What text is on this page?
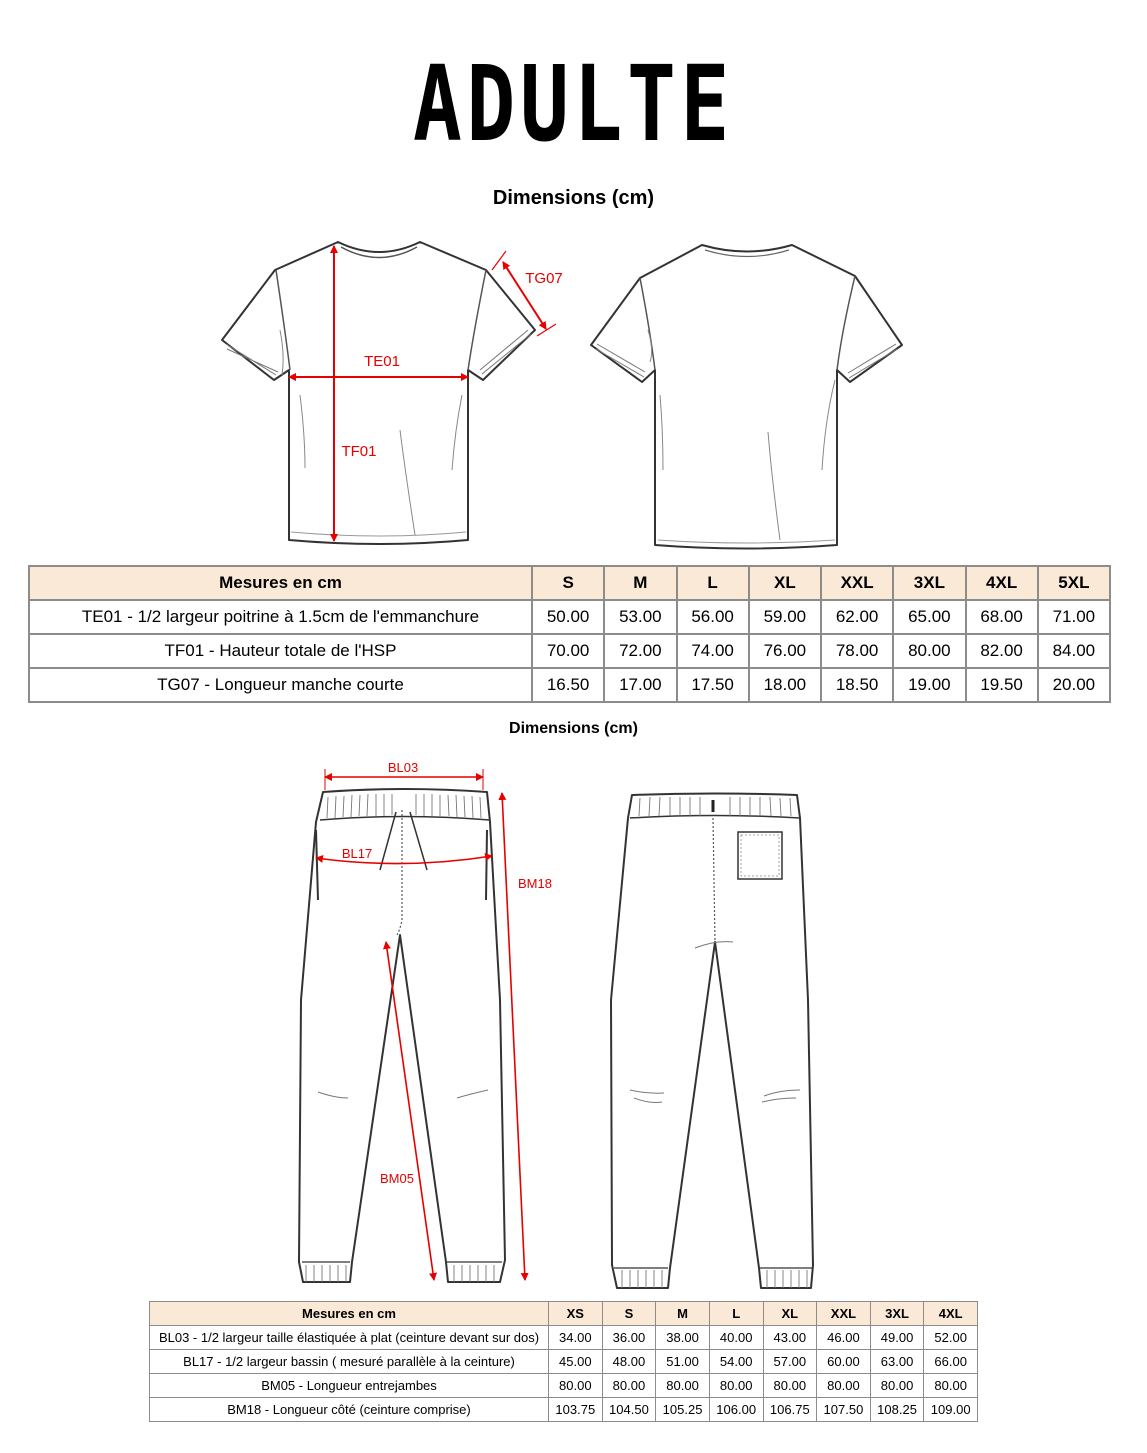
ADULTE
Dimensions (cm)
TE01
TF01
TG07
Mesures en cm	S	M	L	XL	XXL	3XL	4XL	5XL
TE01 - 1/2 largeur poitrine à 1.5cm de l'emmanchure	50.00	53.00	56.00	59.00	62.00	65.00	68.00	71.00
TF01 - Hauteur totale de l'HSP	70.00	72.00	74.00	76.00	78.00	80.00	82.00	84.00
TG07 - Longueur manche courte	16.50	17.00	17.50	18.00	18.50	19.00	19.50	20.00
Dimensions (cm)
BL03
BL17
BM18
BM05
Mesures en cm	XS	S	M	L	XL	XXL	3XL	4XL
BL03 - 1/2 largeur taille élastiquée à plat (ceinture devant sur dos)	34.00	36.00	38.00	40.00	43.00	46.00	49.00	52.00
BL17 - 1/2 largeur bassin ( mesuré parallèle à la ceinture)	45.00	48.00	51.00	54.00	57.00	60.00	63.00	66.00
BM05 - Longueur entrejambes	80.00	80.00	80.00	80.00	80.00	80.00	80.00	80.00
BM18 - Longueur côté (ceinture comprise)	103.75	104.50	105.25	106.00	106.75	107.50	108.25	109.00
